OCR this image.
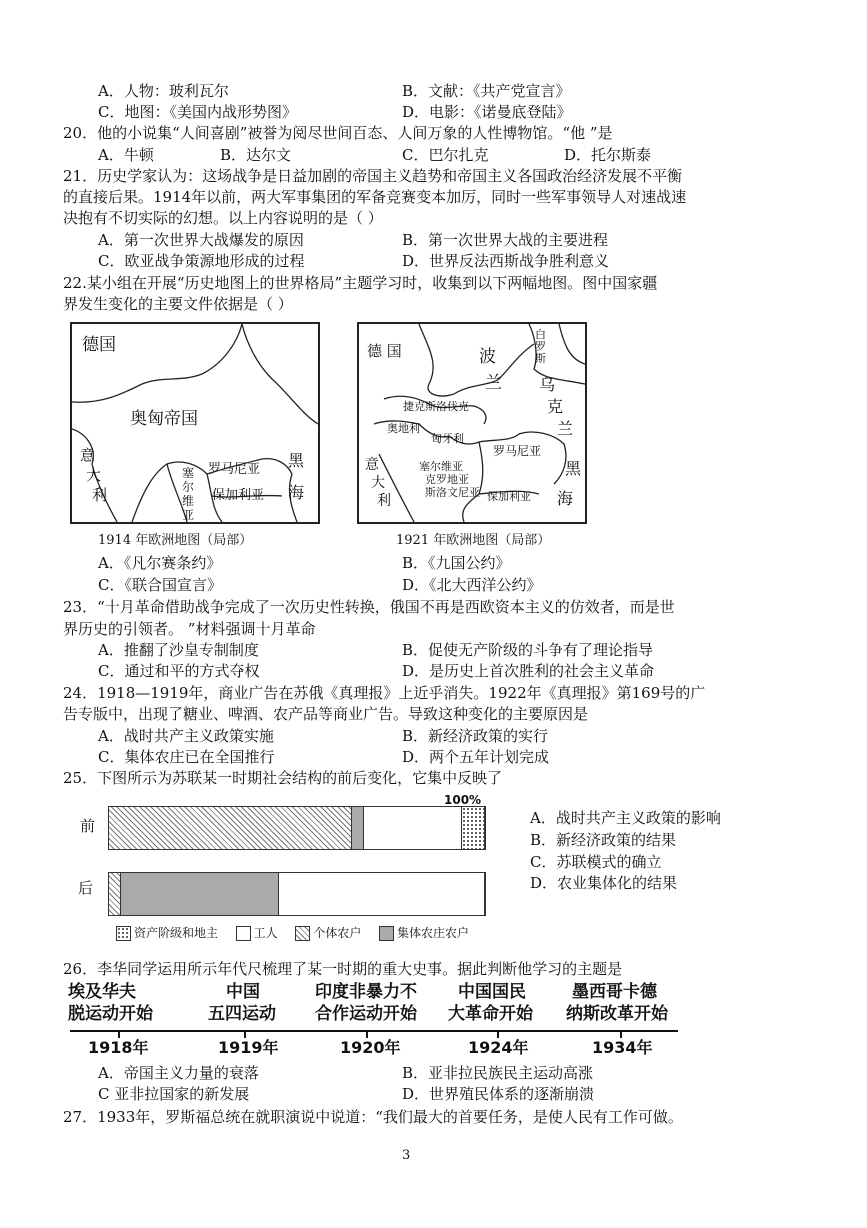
A．人物：玻利瓦尔	B．文献：《共产党宣言》
C．地图：《美国内战形势图》	D．电影：《诺曼底登陆》
20．他的小说集“人间喜剧”被誉为阅尽世间百态、人间万象的人性博物馆。“他 ”是
A．牛顿	B．达尔文	C．巴尔扎克	D．托尔斯泰
21．历史学家认为：这场战争是日益加剧的帝国主义趋势和帝国主义各国政治经济发展不平衡
的直接后果。1914年以前，两大军事集团的军备竞赛变本加厉，同时一些军事领导人对速战速
决抱有不切实际的幻想。以上内容说明的是（ ）
A．第一次世界大战爆发的原因	B．第一次世界大战的主要进程
C．欧亚战争策源地形成的过程	D．世界反法西斯战争胜利意义
22.某小组在开展“历史地图上的世界格局”主题学习时，收集到以下两幅地图。图中国家疆
界发生变化的主要文件依据是（ ）
德国
奥匈帝国
罗马尼亚 黑
海
塞
尔
维
亚
保加利亚
意
大
利
1914 年欧洲地图（局部）
德 国	波
兰
白
罗
斯
乌
克
兰
捷克斯洛伐克
奥地利
匈牙利
罗马尼亚
黑
海
塞尔维亚
克罗地亚
斯洛文尼亚 保加利亚
意
大
利
1921 年欧洲地图（局部）
A．《凡尔赛条约》	B．《九国公约》
C．《联合国宣言》	D．《北大西洋公约》
23．“十月革命借助战争完成了一次历史性转换，俄国不再是西欧资本主义的仿效者，而是世
界历史的引领者。 ”材料强调十月革命
A．推翻了沙皇专制制度	B．促使无产阶级的斗争有了理论指导
C．通过和平的方式夺权	D．是历史上首次胜利的社会主义革命
24．1918—1919年，商业广告在苏俄《真理报》上近乎消失。1922年《真理报》第169号的广
告专版中，出现了糖业、啤酒、农产品等商业广告。导致这种变化的主要原因是
A．战时共产主义政策实施	B．新经济政策的实行
C．集体农庄已在全国推行	D．两个五年计划完成
25．下图所示为苏联某一时期社会结构的前后变化，它集中反映了
100%
前
后
资产阶级和地主	工人	个体农户	集体农庄农户
A．战时共产主义政策的影响
B．新经济政策的结果
C．苏联模式的确立
D．农业集体化的结果
26．李华同学运用所示年代尺梳理了某一时期的重大史事。据此判断他学习的主题是
埃及华夫
脱运动开始
中国
五四运动
印度非暴力不
合作运动开始
中国国民
大革命开始
墨西哥卡德
纳斯改革开始
1918年	1919年	1920年	1924年	1934年
A．帝国主义力量的衰落	B．亚非拉民族民主运动高涨
C 亚非拉国家的新发展	D．世界殖民体系的逐渐崩溃
27．1933年，罗斯福总统在就职演说中说道：“我们最大的首要任务，是使人民有工作可做。
3
